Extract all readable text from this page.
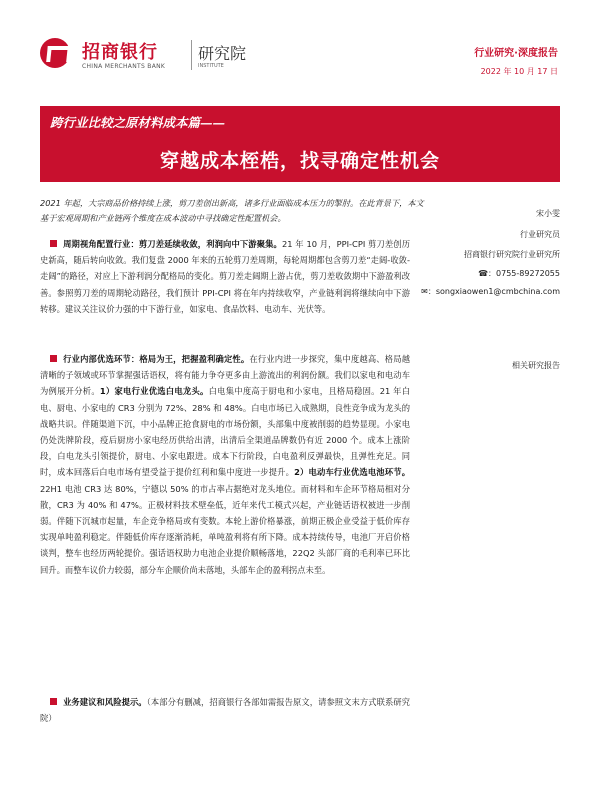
招商银行
CHINA MERCHANTS BANK
研究院
INSTITUTE
行业研究·深度报告
2022 年 10 月 17 日
跨行业比较之原材料成本篇——
穿越成本桎梏，找寻确定性机会
2021 年起，大宗商品价格持续上涨，剪刀差创出新高，诸多行业面临成本压力的掣肘。在此背景下，本文基于宏观周期和产业链两个维度在成本波动中寻找确定性配置机会。
周期视角配置行业：剪刀差延续收敛，利润向中下游聚集。21 年 10 月，PPI-CPI 剪刀差创历史新高，随后转向收敛。我们复盘 2000 年来的五轮剪刀差周期，每轮周期都包含剪刀差“走阔-收敛-走阔”的路径，对应上下游利润分配格局的变化。剪刀差走阔期上游占优，剪刀差收敛期中下游盈利改善。参照剪刀差的周期轮动路径，我们预计 PPI-CPI 将在年内持续收窄，产业链利润将继续向中下游转移。建议关注议价力强的中下游行业，如家电、食品饮料、电动车、光伏等。
行业内部优选环节：格局为王，把握盈利确定性。在行业内进一步探究，集中度越高、格局越清晰的子领域或环节掌握强话语权，将有能力争夺更多由上游流出的利润份额。我们以家电和电动车为例展开分析。1）家电行业优选白电龙头。白电集中度高于厨电和小家电，且格局稳固。21 年白电、厨电、小家电的 CR3 分别为 72%、28% 和 48%。白电市场已入成熟期，良性竞争成为龙头的战略共识。伴随渠道下沉，中小品牌正抢食厨电的市场份额，头部集中度被削弱的趋势显现。小家电仍处洗牌阶段，疫后厨房小家电经历供给出清，出清后全渠道品牌数仍有近 2000 个。成本上涨阶段，白电龙头引领提价，厨电、小家电跟进。成本下行阶段，白电盈利反弹最快，且弹性充足。同时，成本回落后白电市场有望受益于提价红利和集中度进一步提升。2）电动车行业优选电池环节。22H1 电池 CR3 达 80%，宁德以 50% 的市占率占据绝对龙头地位。而材料和车企环节格局相对分散，CR3 为 40% 和 47%。正极材料技术壁垒低，近年来代工模式兴起，产业链话语权被进一步削弱。伴随下沉城市起量，车企竞争格局或有变数。本轮上游价格暴涨，前期正极企业受益于低价库存实现单吨盈利稳定。伴随低价库存逐渐消耗，单吨盈利将有所下降。成本持续传导，电池厂开启价格谈判，整车也经历两轮提价。强话语权助力电池企业提价顺畅落地，22Q2 头部厂商的毛利率已环比回升。而整车议价力较弱，部分车企顺价尚未落地，头部车企的盈利拐点未至。
业务建议和风险提示。（本部分有删减，招商银行各部如需报告原文，请参照文末方式联系研究院）
宋小雯
行业研究员
招商银行研究院行业研究所
☎：0755-89272055
✉：songxiaowen1@cmbchina.com
相关研究报告
